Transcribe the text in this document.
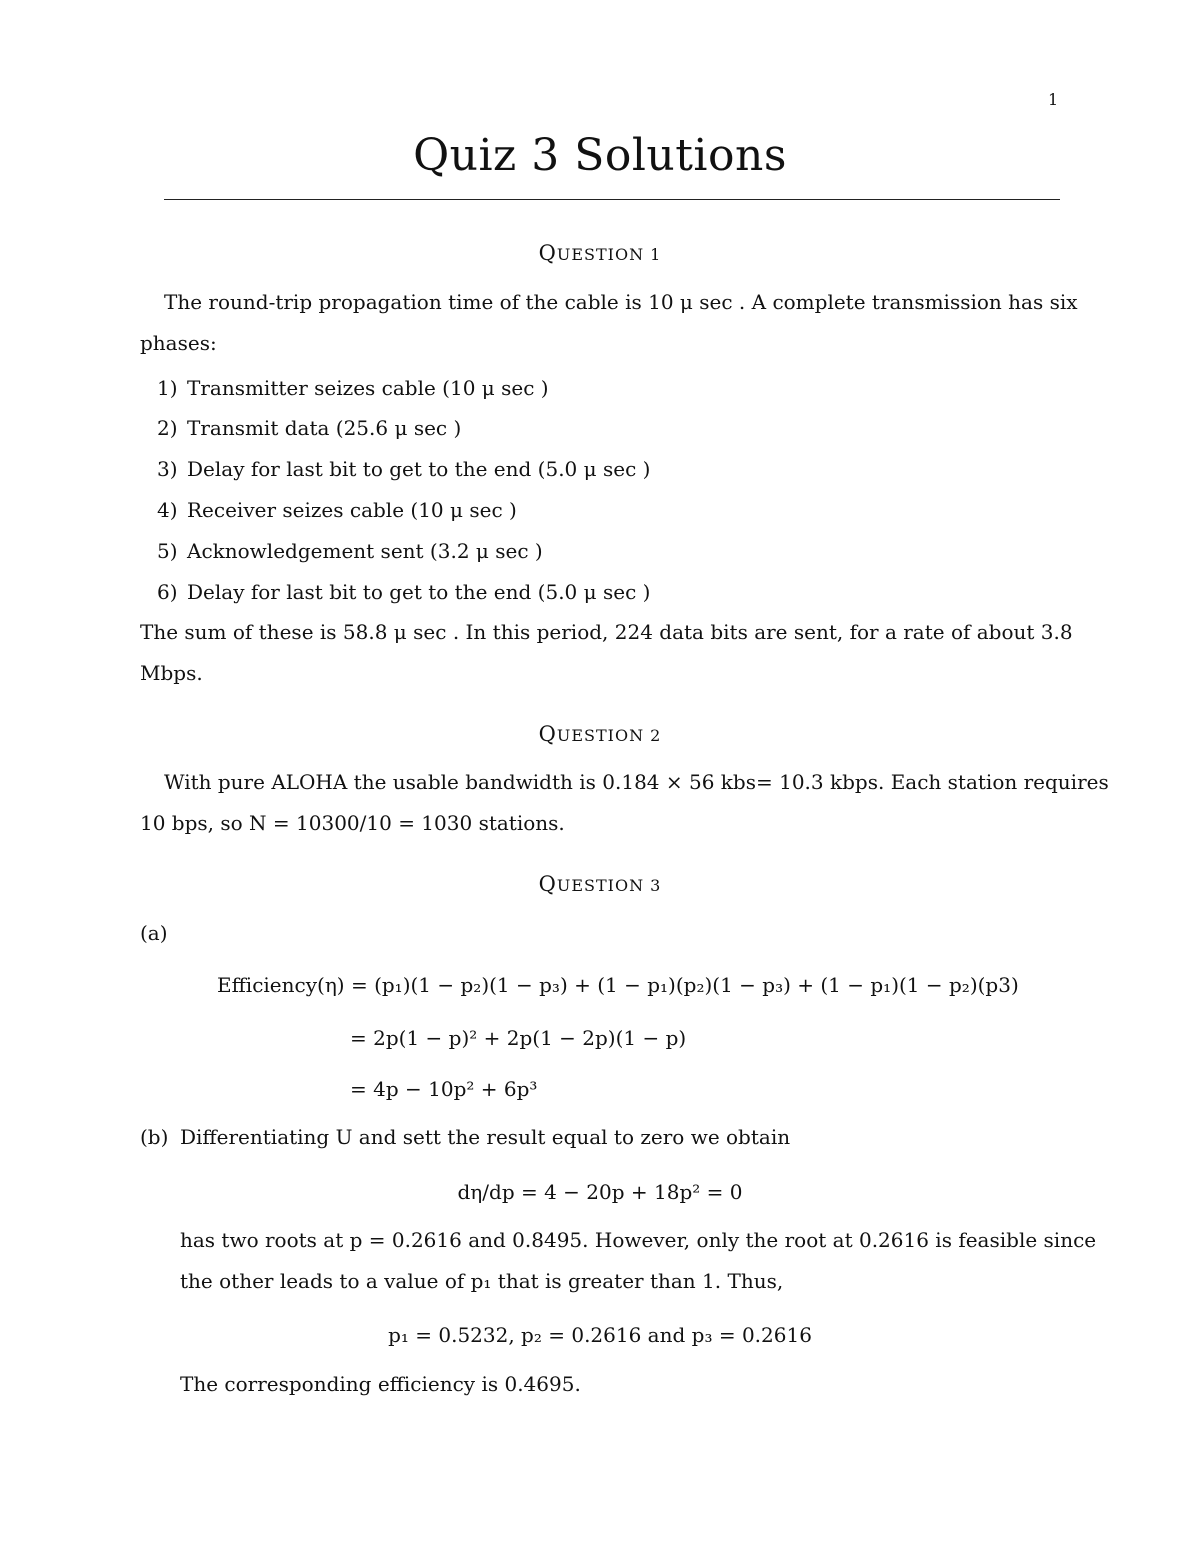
1

Quiz 3 Solutions

QUESTION 1

The round-trip propagation time of the cable is 10 μ sec . A complete transmission has six

phases:

1) Transmitter seizes cable (10 μ sec )

2) Transmit data (25.6 μ sec )

3) Delay for last bit to get to the end (5.0 μ sec )

4) Receiver seizes cable (10 μ sec )

5) Acknowledgement sent (3.2 μ sec )

6) Delay for last bit to get to the end (5.0 μ sec )

The sum of these is 58.8 μ sec . In this period, 224 data bits are sent, for a rate of about 3.8

Mbps.

QUESTION 2

With pure ALOHA the usable bandwidth is 0.184 × 56 kbs= 10.3 kbps. Each station requires

10 bps, so N = 10300/10 = 1030 stations.

QUESTION 3

(a)

Efficiency(η) = (p₁)(1 − p₂)(1 − p₃) + (1 − p₁)(p₂)(1 − p₃) + (1 − p₁)(1 − p₂)(p3)

= 2p(1 − p)² + 2p(1 − 2p)(1 − p)

= 4p − 10p² + 6p³

(b) Differentiating U and sett the result equal to zero we obtain

dη/dp = 4 − 20p + 18p² = 0

has two roots at p = 0.2616 and 0.8495. However, only the root at 0.2616 is feasible since

the other leads to a value of p₁ that is greater than 1. Thus,

p₁ = 0.5232, p₂ = 0.2616 and p₃ = 0.2616

The corresponding efficiency is 0.4695.
